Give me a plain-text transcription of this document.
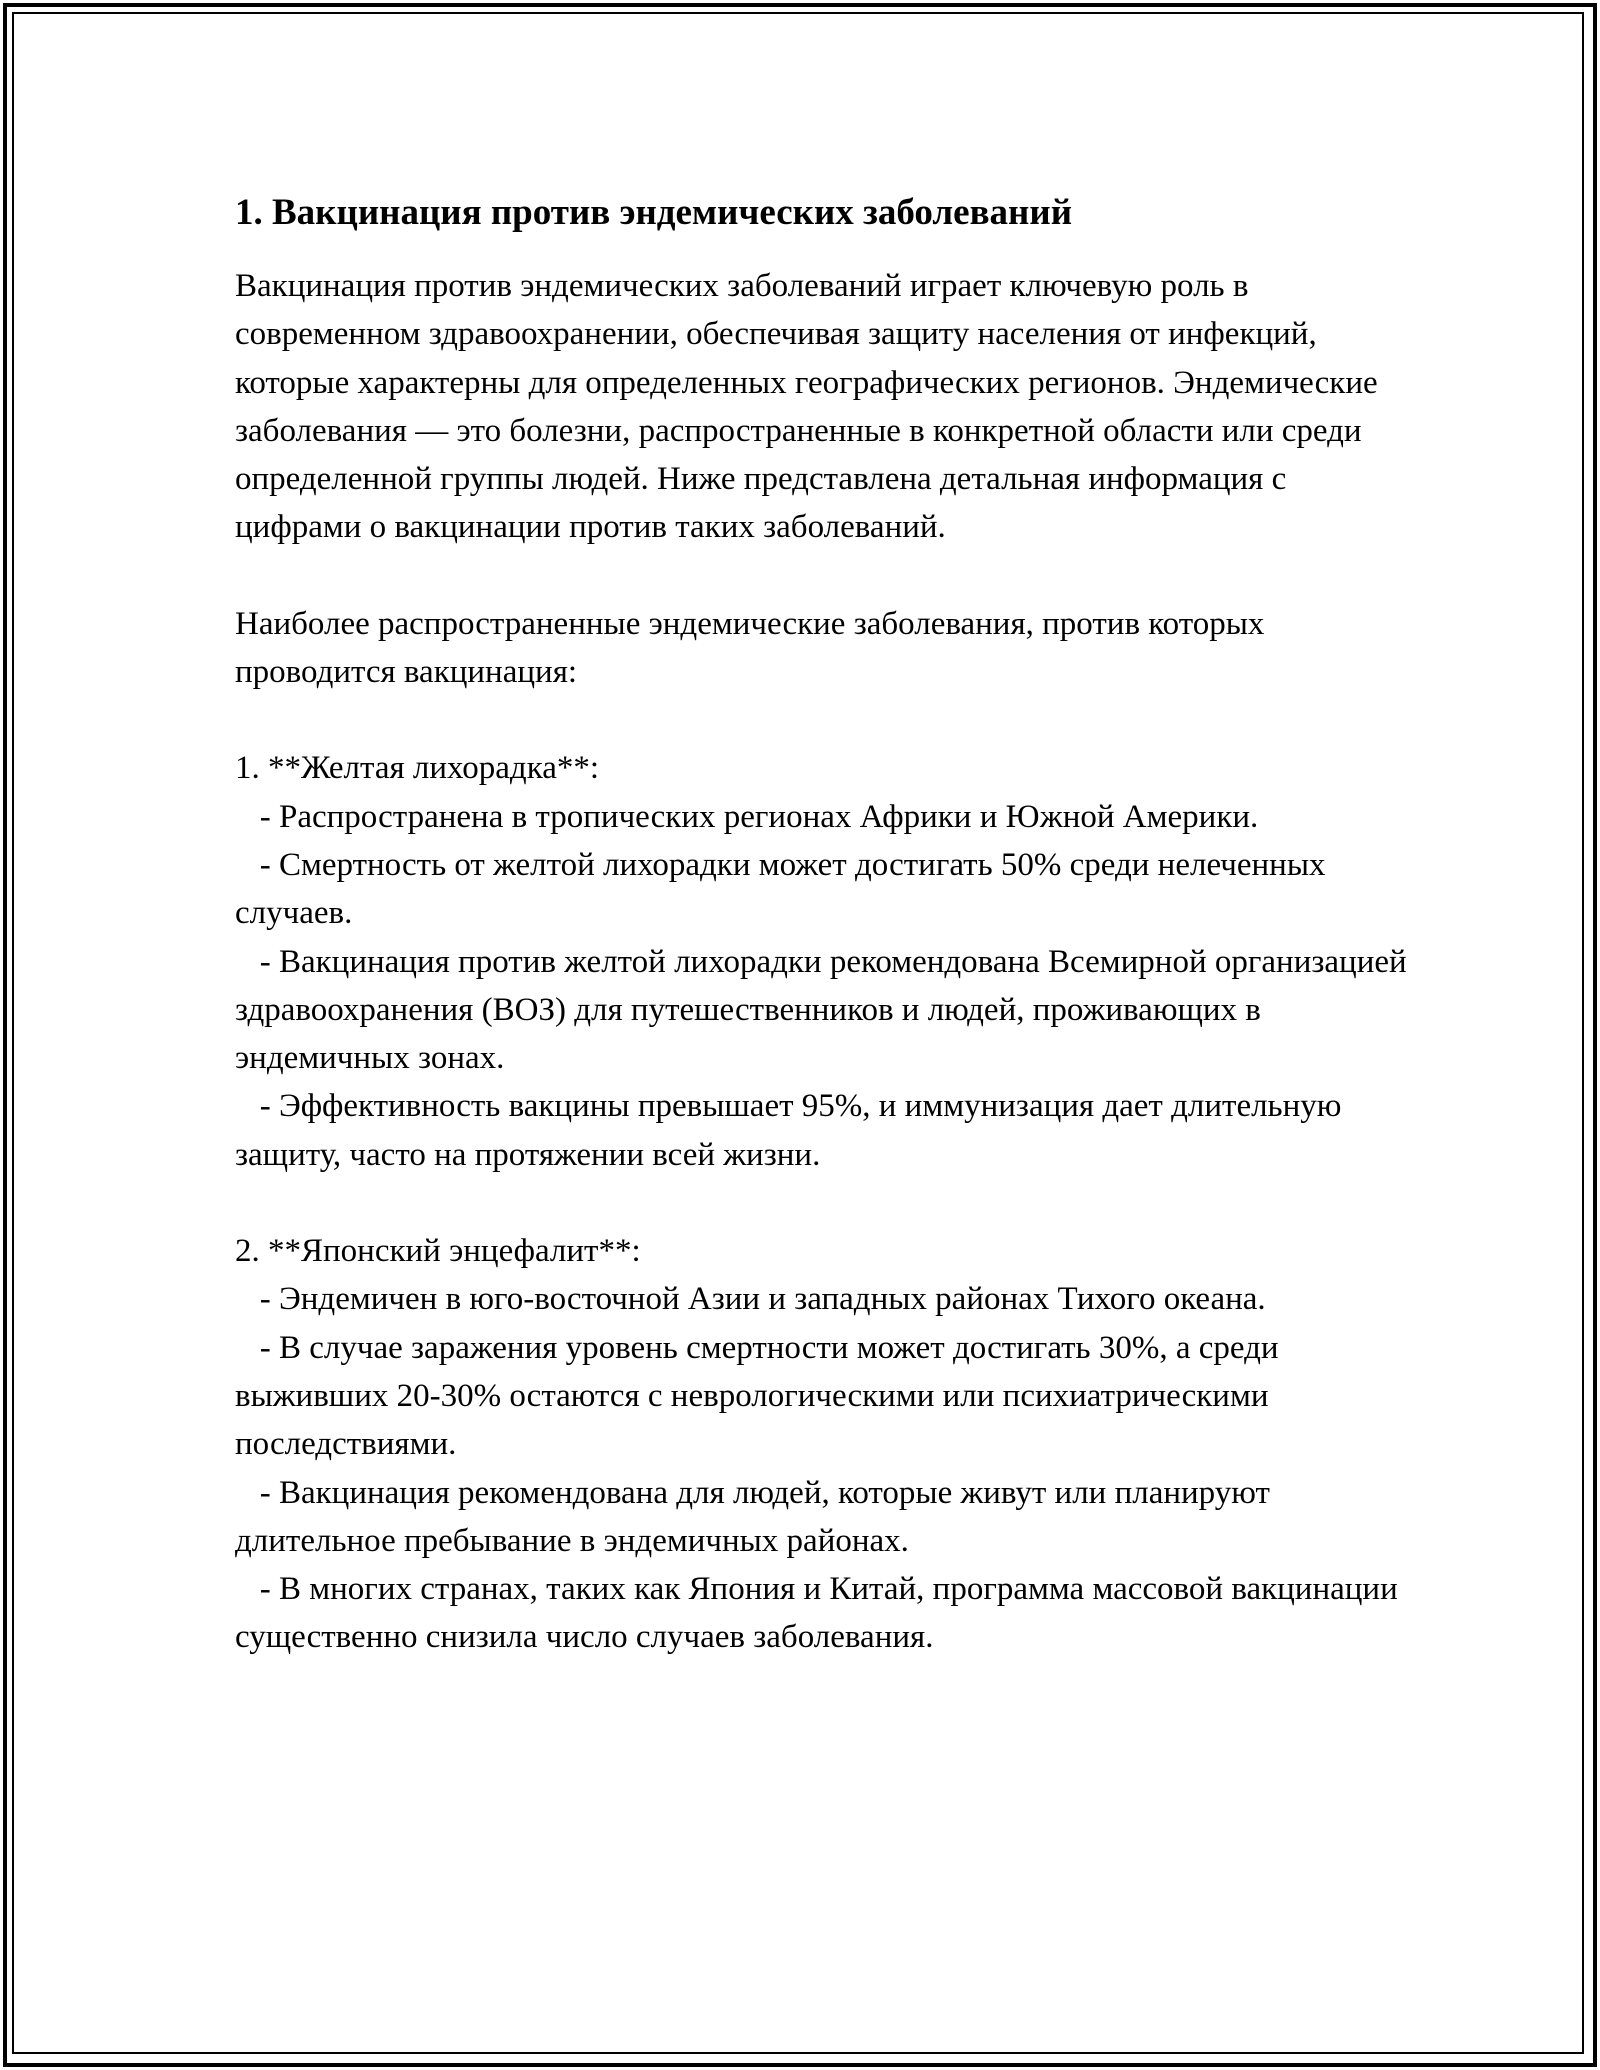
1. Вакцинация против эндемических заболеваний

Вакцинация против эндемических заболеваний играет ключевую роль в современном здравоохранении, обеспечивая защиту населения от инфекций, которые характерны для определенных географических регионов. Эндемические заболевания — это болезни, распространенные в конкретной области или среди определенной группы людей. Ниже представлена детальная информация с цифрами о вакцинации против таких заболеваний.

Наиболее распространенные эндемические заболевания, против которых проводится вакцинация:

1. **Желтая лихорадка**:

- Распространена в тропических регионах Африки и Южной Америки.
- Смертность от желтой лихорадки может достигать 50% среди нелеченных случаев.
- Вакцинация против желтой лихорадки рекомендована Всемирной организацией здравоохранения (ВОЗ) для путешественников и людей, проживающих в эндемичных зонах.
- Эффективность вакцины превышает 95%, и иммунизация дает длительную защиту, часто на протяжении всей жизни.

2. **Японский энцефалит**:

- Эндемичен в юго-восточной Азии и западных районах Тихого океана.
- В случае заражения уровень смертности может достигать 30%, а среди выживших 20-30% остаются с неврологическими или психиатрическими последствиями.
- Вакцинация рекомендована для людей, которые живут или планируют длительное пребывание в эндемичных районах.
- В многих странах, таких как Япония и Китай, программа массовой вакцинации существенно снизила число случаев заболевания.
